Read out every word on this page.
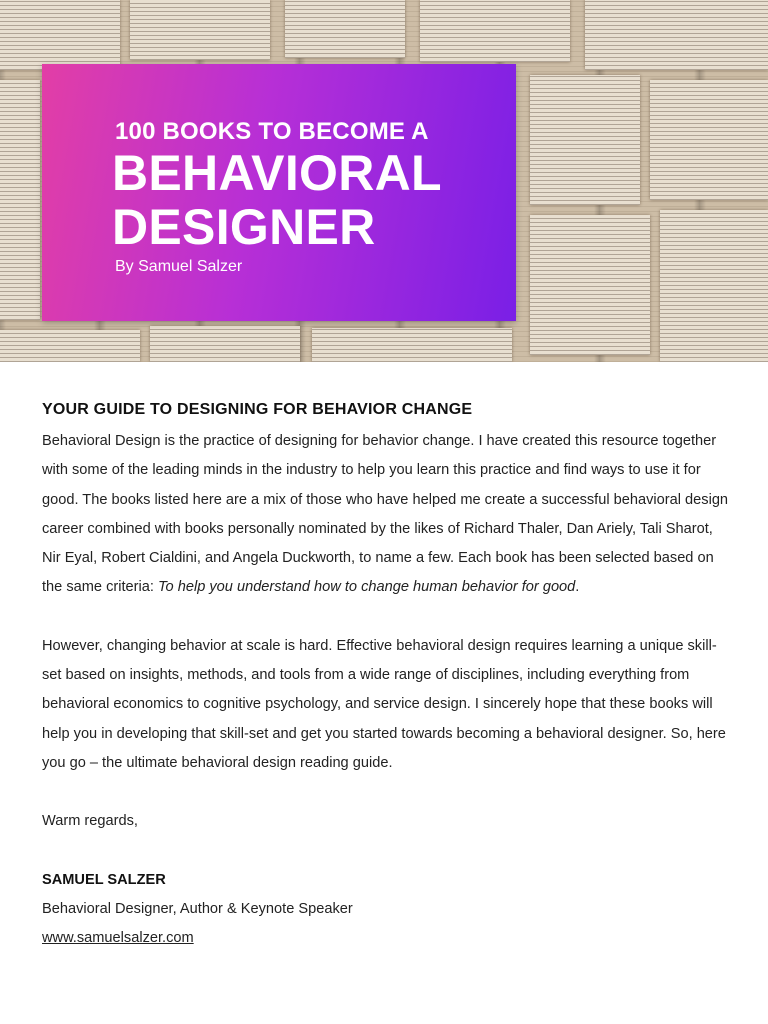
100 BOOKS TO BECOME A
BEHAVIORAL
DESIGNER

By Samuel Salzer

YOUR GUIDE TO DESIGNING FOR BEHAVIOR CHANGE

Behavioral Design is the practice of designing for behavior change. I have created this resource together with some of the leading minds in the industry to help you learn this practice and find ways to use it for good. The books listed here are a mix of those who have helped me create a successful behavioral design career combined with books personally nominated by the likes of Richard Thaler, Dan Ariely, Tali Sharot, Nir Eyal, Robert Cialdini, and Angela Duckworth, to name a few. Each book has been selected based on the same criteria: To help you understand how to change human behavior for good.

However, changing behavior at scale is hard. Effective behavioral design requires learning a unique skill-set based on insights, methods, and tools from a wide range of disciplines, including everything from behavioral economics to cognitive psychology, and service design. I sincerely hope that these books will help you in developing that skill-set and get you started towards becoming a behavioral designer. So, here you go – the ultimate behavioral design reading guide.

Warm regards,

SAMUEL SALZER

Behavioral Designer, Author & Keynote Speaker

www.samuelsalzer.com
